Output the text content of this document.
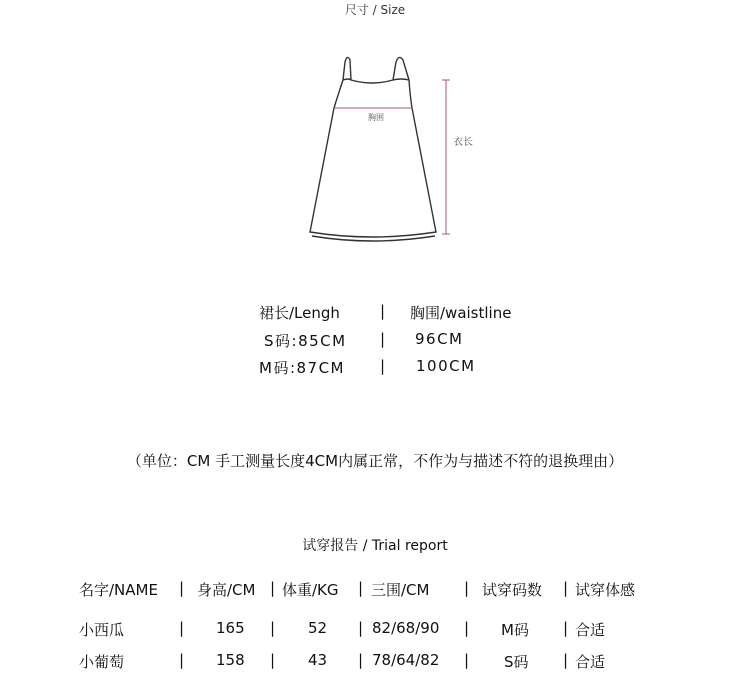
尺寸 / Size
胸围
衣长
裙长/Lengh	| 胸围/waistline
S码:85CM | 96CM
M码:87CM | 100CM
（单位：CM 手工测量长度4CM内属正常，不作为与描述不符的退换理由）
试穿报告 / Trial report
名字/NAME | 身高/CM | 体重/KG | 三围/CM | 试穿码数 | 试穿体感
小西瓜	| 165 | 52 | 82/68/90 | M码 | 合适
小葡萄	| 158 | 43 | 78/64/82 | S码 | 合适
